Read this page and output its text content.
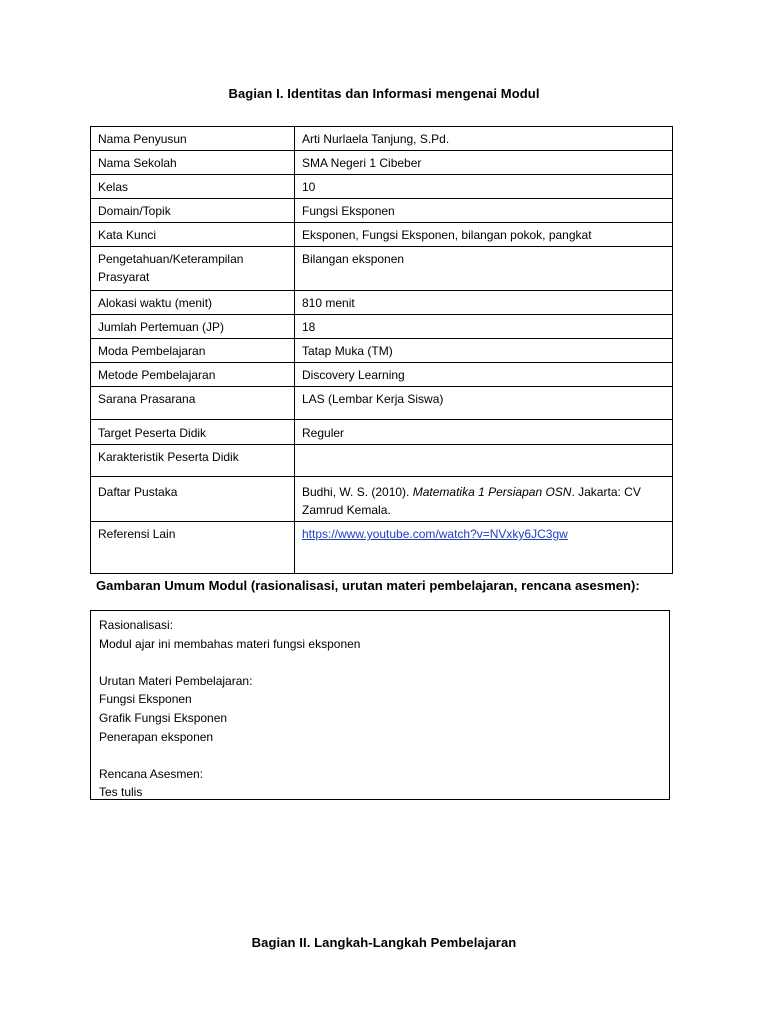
Bagian I. Identitas dan Informasi mengenai Modul
Nama Penyusun	Arti Nurlaela Tanjung, S.Pd.
Nama Sekolah	SMA Negeri 1 Cibeber
Kelas	10
Domain/Topik	Fungsi Eksponen
Kata Kunci	Eksponen, Fungsi Eksponen, bilangan pokok, pangkat
Pengetahuan/Keterampilan Prasyarat	Bilangan eksponen
Alokasi waktu (menit)	810 menit
Jumlah Pertemuan (JP)	18
Moda Pembelajaran	Tatap Muka (TM)
Metode Pembelajaran	Discovery Learning
Sarana Prasarana	LAS (Lembar Kerja Siswa)
Target Peserta Didik	Reguler
Karakteristik Peserta Didik	
Daftar Pustaka	Budhi, W. S. (2010). Matematika 1 Persiapan OSN. Jakarta: CV Zamrud Kemala.
Referensi Lain	https://www.youtube.com/watch?v=NVxky6JC3gw
Gambaran Umum Modul (rasionalisasi, urutan materi pembelajaran, rencana asesmen):
Rasionalisasi:
Modul ajar ini membahas materi fungsi eksponen
Urutan Materi Pembelajaran:
Fungsi Eksponen
Grafik Fungsi Eksponen
Penerapan eksponen
Rencana Asesmen:
Tes tulis
Bagian II. Langkah-Langkah Pembelajaran
